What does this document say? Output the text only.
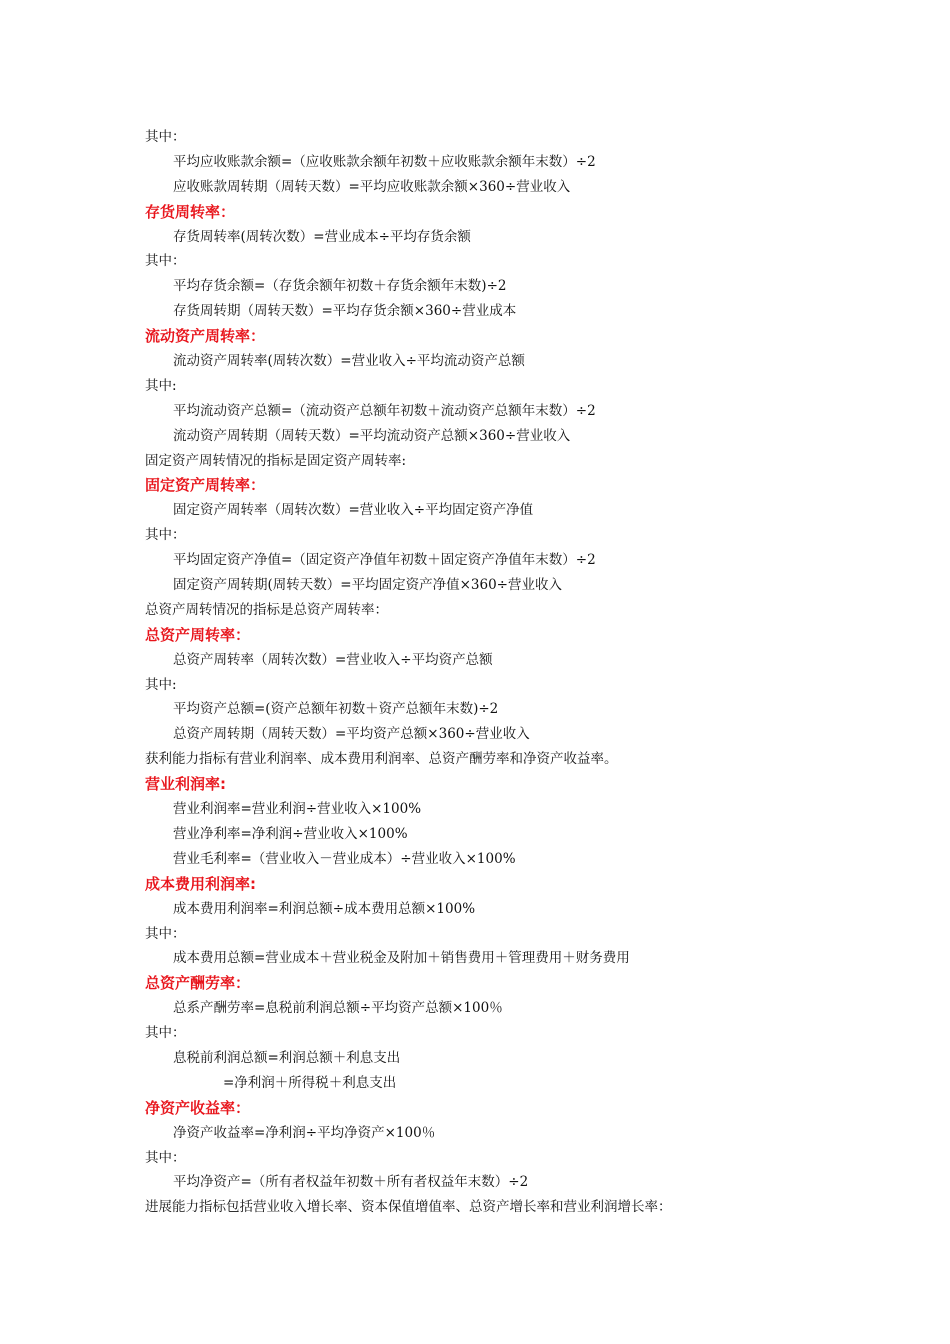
其中：
平均应收账款余额=（应收账款余额年初数＋应收账款余额年末数）÷2
应收账款周转期（周转天数）=平均应收账款余额×360÷营业收入
存货周转率：
存货周转率(周转次数）=营业成本÷平均存货余额
其中：
平均存货余额=（存货余额年初数＋存货余额年末数)÷2
存货周转期（周转天数）=平均存货余额×360÷营业成本
流动资产周转率：
流动资产周转率(周转次数）=营业收入÷平均流动资产总额
其中:
平均流动资产总额=（流动资产总额年初数＋流动资产总额年末数）÷2
流动资产周转期（周转天数）=平均流动资产总额×360÷营业收入
固定资产周转情况的指标是固定资产周转率:
固定资产周转率：
固定资产周转率（周转次数）=营业收入÷平均固定资产净值
其中：
平均固定资产净值=（固定资产净值年初数＋固定资产净值年末数）÷2
固定资产周转期(周转天数）=平均固定资产净值×360÷营业收入
总资产周转情况的指标是总资产周转率：
总资产周转率：
总资产周转率（周转次数）=营业收入÷平均资产总额
其中:
平均资产总额=(资产总额年初数＋资产总额年末数)÷2
总资产周转期（周转天数）=平均资产总额×360÷营业收入
获利能力指标有营业利润率、成本费用利润率、总资产酬劳率和净资产收益率。
营业利润率:
营业利润率=营业利润÷营业收入×100%
营业净利率=净利润÷营业收入×100%
营业毛利率=（营业收入－营业成本）÷营业收入×100%
成本费用利润率:
成本费用利润率=利润总额÷成本费用总额×100%
其中：
成本费用总额=营业成本＋营业税金及附加＋销售费用＋管理费用＋财务费用
总资产酬劳率：
总系产酬劳率=息税前利润总额÷平均资产总额×100％
其中：
息税前利润总额=利润总额＋利息支出
=净利润＋所得税＋利息支出
净资产收益率：
净资产收益率=净利润÷平均净资产×100％
其中：
平均净资产=（所有者权益年初数＋所有者权益年末数）÷2
进展能力指标包括营业收入增长率、资本保值增值率、总资产增长率和营业利润增长率：
